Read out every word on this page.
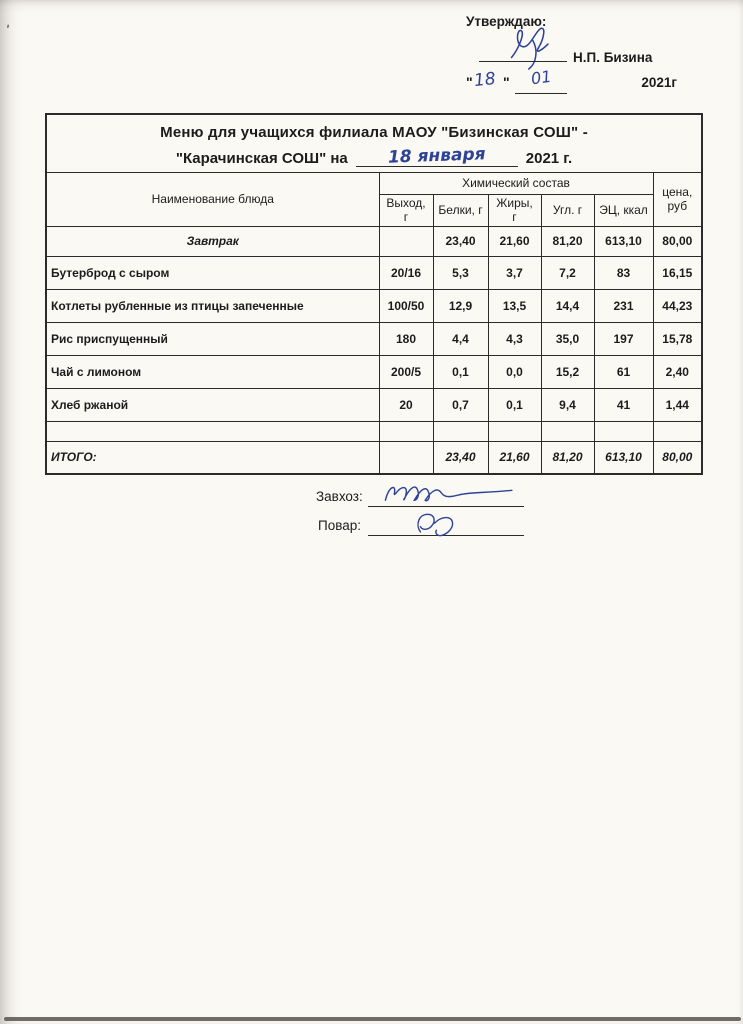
'
Утверждаю:
Н.П. Бизина
" 18 "	01	2021г
Меню для учащихся филиала МАОУ "Бизинская СОШ" -
"Карачинская СОШ" на 18 января 2021 г.						

Наименование блюда	Химический состав					цена,
руб

	Выход, г	Белки, г	Жиры, г	Угл. г	ЭЦ, ккал	
Завтрак		23,40	21,60	81,20	613,10	80,00
Бутерброд с сыром	20/16	5,3	3,7	7,2	83	16,15
Котлеты рубленные из птицы запеченные	100/50	12,9	13,5	14,4	231	44,23
Рис приспущенный	180	4,4	4,3	35,0	197	15,78
Чай с лимоном	200/5	0,1	0,0	15,2	61	2,40
Хлеб ржаной	20	0,7	0,1	9,4	41	1,44

ИТОГО:		23,40	21,60	81,20	613,10	80,00
Завхоз:
Повар:
